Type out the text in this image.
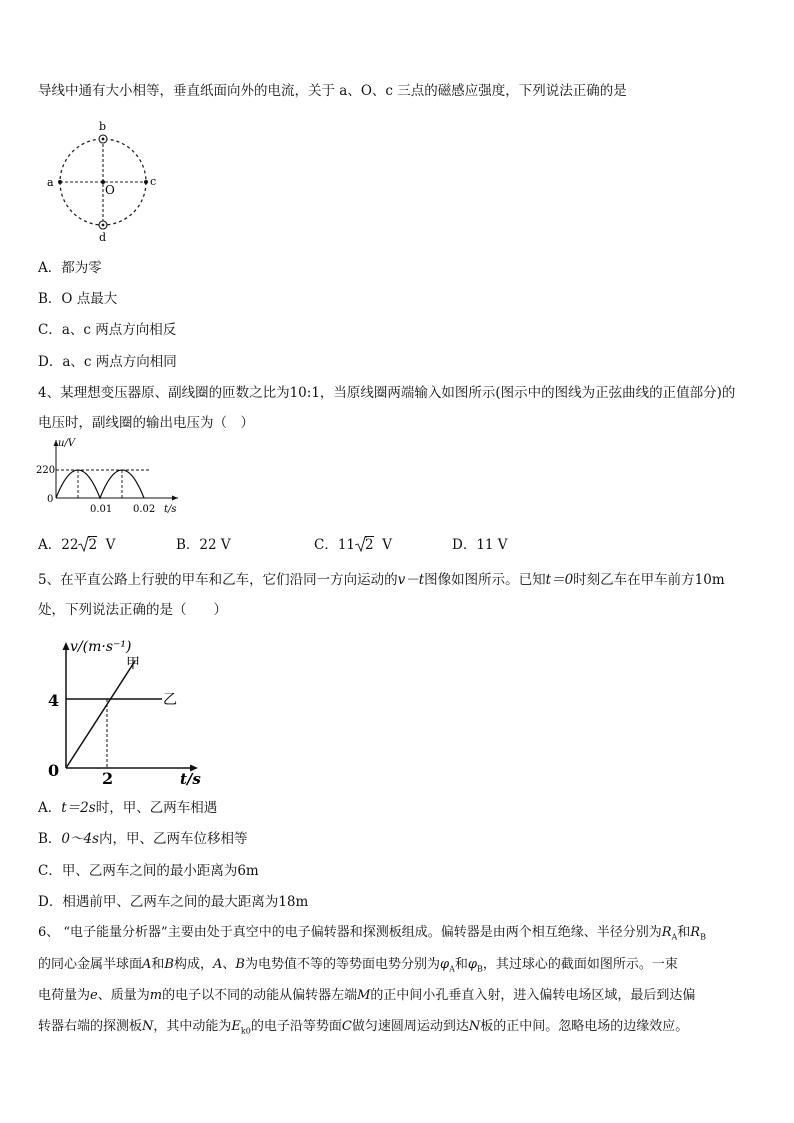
导线中通有大小相等，垂直纸面向外的电流，关于 a、O、c 三点的磁感应强度，下列说法正确的是
b
a
O
c
d
A．都为零
B．O 点最大
C．a、c 两点方向相反
D．a、c 两点方向相同
4、某理想变压器原、副线圈的匝数之比为10:1，当原线圈两端输入如图所示(图示中的图线为正弦曲线的正值部分)的
电压时，副线圈的输出电压为（　）
u/V
220
0
0.01 0.02 t/s
A．22 2 V	B．22 V	C．11 2 V	D．11 V
5、在平直公路上行驶的甲车和乙车，它们沿同一方向运动的v－t图像如图所示。已知t＝0时刻乙车在甲车前方10m
处，下列说法正确的是（　　）
v/(m·s⁻¹)
甲
乙
4
0	2	t/s
A．t＝2s时，甲、乙两车相遇
B．0～4s内，甲、乙两车位移相等
C．甲、乙两车之间的最小距离为6m
D．相遇前甲、乙两车之间的最大距离为18m
6、 “电子能量分析器”主要由处于真空中的电子偏转器和探测板组成。偏转器是由两个相互绝缘、半径分别为$R_A$和$R_B$
的同心金属半球面A和B构成，A、B为电势值不等的等势面电势分别为$\varphi_A$和$\varphi_B$，其过球心的截面如图所示。一束
电荷量为e、质量为m的电子以不同的动能从偏转器左端M的正中间小孔垂直入射，进入偏转电场区域，最后到达偏
转器右端的探测板N，其中动能为$E_{k0}$的电子沿等势面C做匀速圆周运动到达N板的正中间。忽略电场的边缘效应。
